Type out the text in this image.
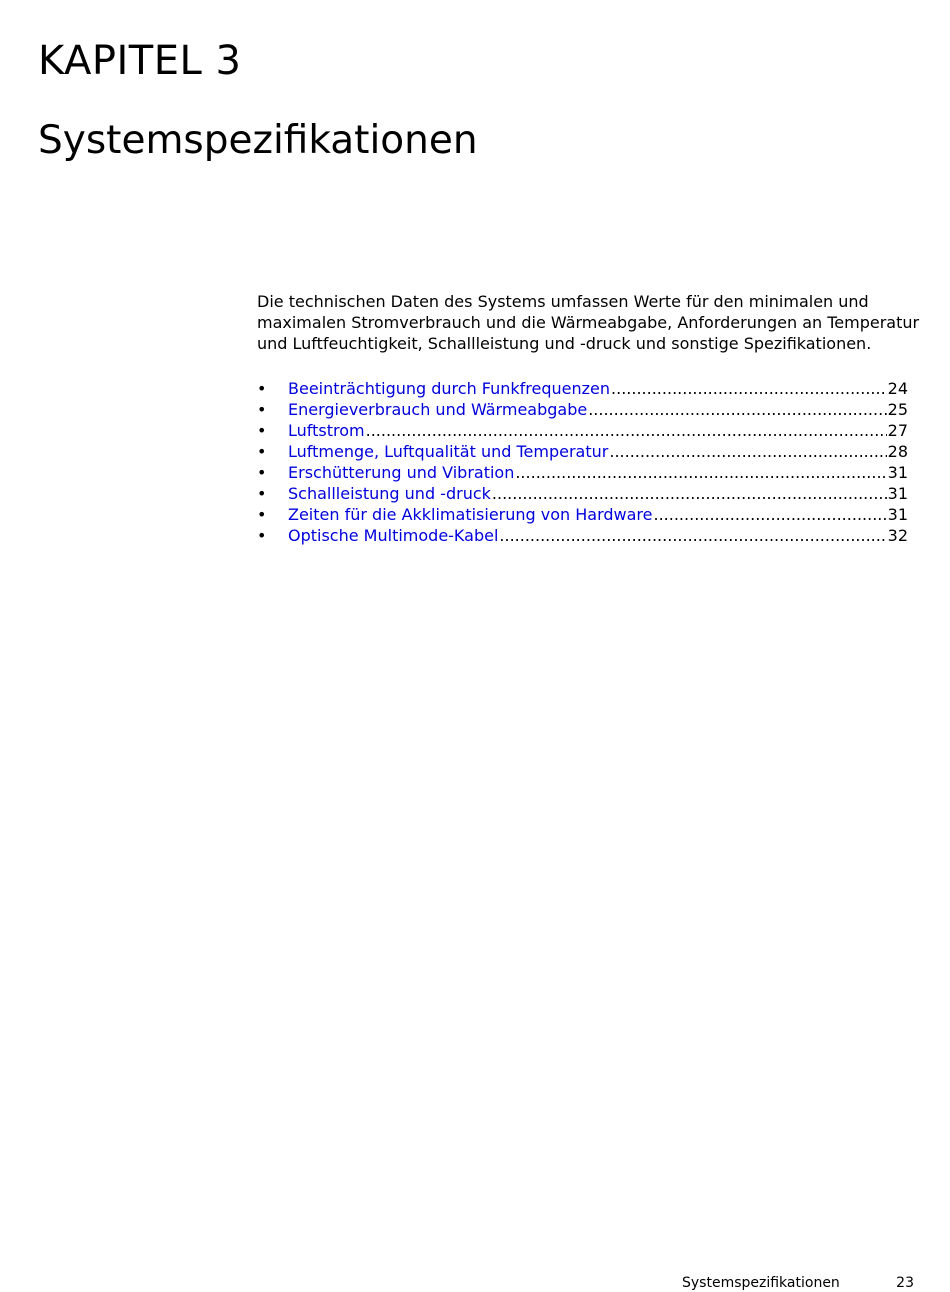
KAPITEL 3
Systemspezifikationen

Die technischen Daten des Systems umfassen Werte für den minimalen und maximalen Stromverbrauch und die Wärmeabgabe, Anforderungen an Temperatur und Luftfeuchtigkeit, Schallleistung und -druck und sonstige Spezifikationen.

•	Beeinträchtigung durch Funkfrequenzen .....	24
•	Energieverbrauch und Wärmeabgabe .....	25
•	Luftstrom .....	27
•	Luftmenge, Luftqualität und Temperatur .....	28
•	Erschütterung und Vibration .....	31
•	Schallleistung und -druck .....	31
•	Zeiten für die Akklimatisierung von Hardware .....	31
•	Optische Multimode-Kabel .....	32
Systemspezifikationen	23
